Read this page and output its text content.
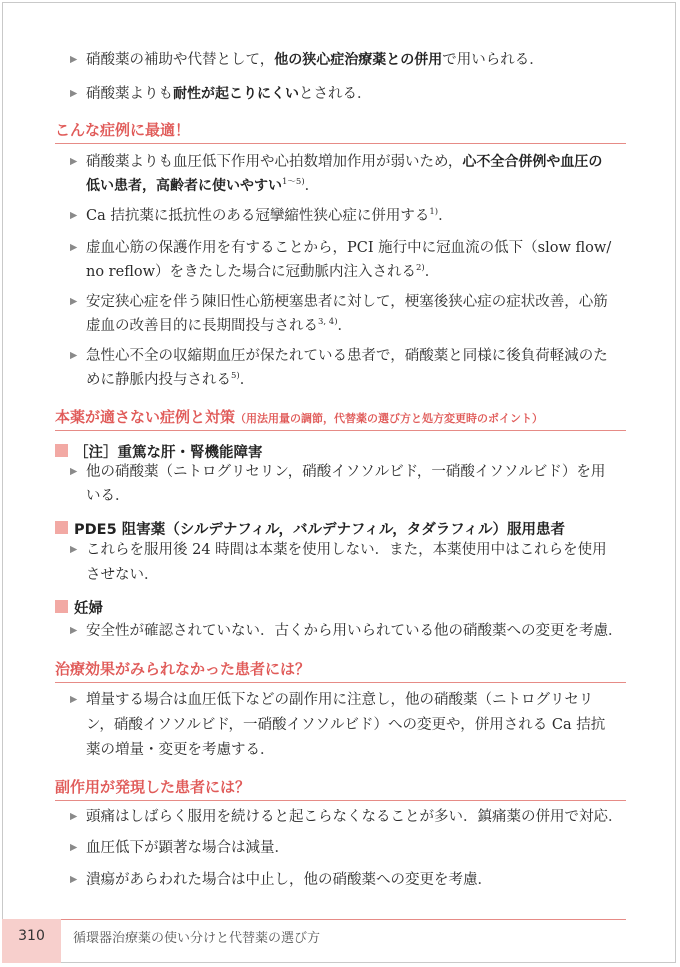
▶ 硝酸薬の補助や代替として，他の狭心症治療薬との併用で用いられる．
▶ 硝酸薬よりも耐性が起こりにくいとされる．
こんな症例に最適！
▶ 硝酸薬よりも血圧低下作用や心拍数増加作用が弱いため，心不全合併例や血圧の
低い患者，高齢者に使いやすい$^{1\sim 5)}$．
▶ Ca 拮抗薬に抵抗性のある冠攣縮性狭心症に併用する$^{1)}$．
▶ 虚血心筋の保護作用を有することから，PCI 施行中に冠血流の低下（slow flow/
no reflow）をきたした場合に冠動脈内注入される$^{2)}$．
▶ 安定狭心症を伴う陳旧性心筋梗塞患者に対して，梗塞後狭心症の症状改善，心筋
虚血の改善目的に長期間投与される$^{3, 4)}$．
▶ 急性心不全の収縮期血圧が保たれている患者で，硝酸薬と同様に後負荷軽減のた
めに静脈内投与される$^{5)}$．
本薬が適さない症例と対策（用法用量の調節，代替薬の選び方と処方変更時のポイント）
［注］重篤な肝・腎機能障害
▶ 他の硝酸薬（ニトログリセリン，硝酸イソソルビド，一硝酸イソソルビド）を用
いる．
PDE5 阻害薬（シルデナフィル，バルデナフィル，タダラフィル）服用患者
▶ これらを服用後 24 時間は本薬を使用しない．また，本薬使用中はこれらを使用
させない．
妊婦
▶ 安全性が確認されていない．古くから用いられている他の硝酸薬への変更を考慮．
治療効果がみられなかった患者には？
▶ 増量する場合は血圧低下などの副作用に注意し，他の硝酸薬（ニトログリセリ
ン，硝酸イソソルビド，一硝酸イソソルビド）への変更や，併用される Ca 拮抗
薬の増量・変更を考慮する．
副作用が発現した患者には？
▶ 頭痛はしばらく服用を続けると起こらなくなることが多い．鎮痛薬の併用で対応．
▶ 血圧低下が顕著な場合は減量．
▶ 潰瘍があらわれた場合は中止し，他の硝酸薬への変更を考慮．
310	循環器治療薬の使い分けと代替薬の選び方
